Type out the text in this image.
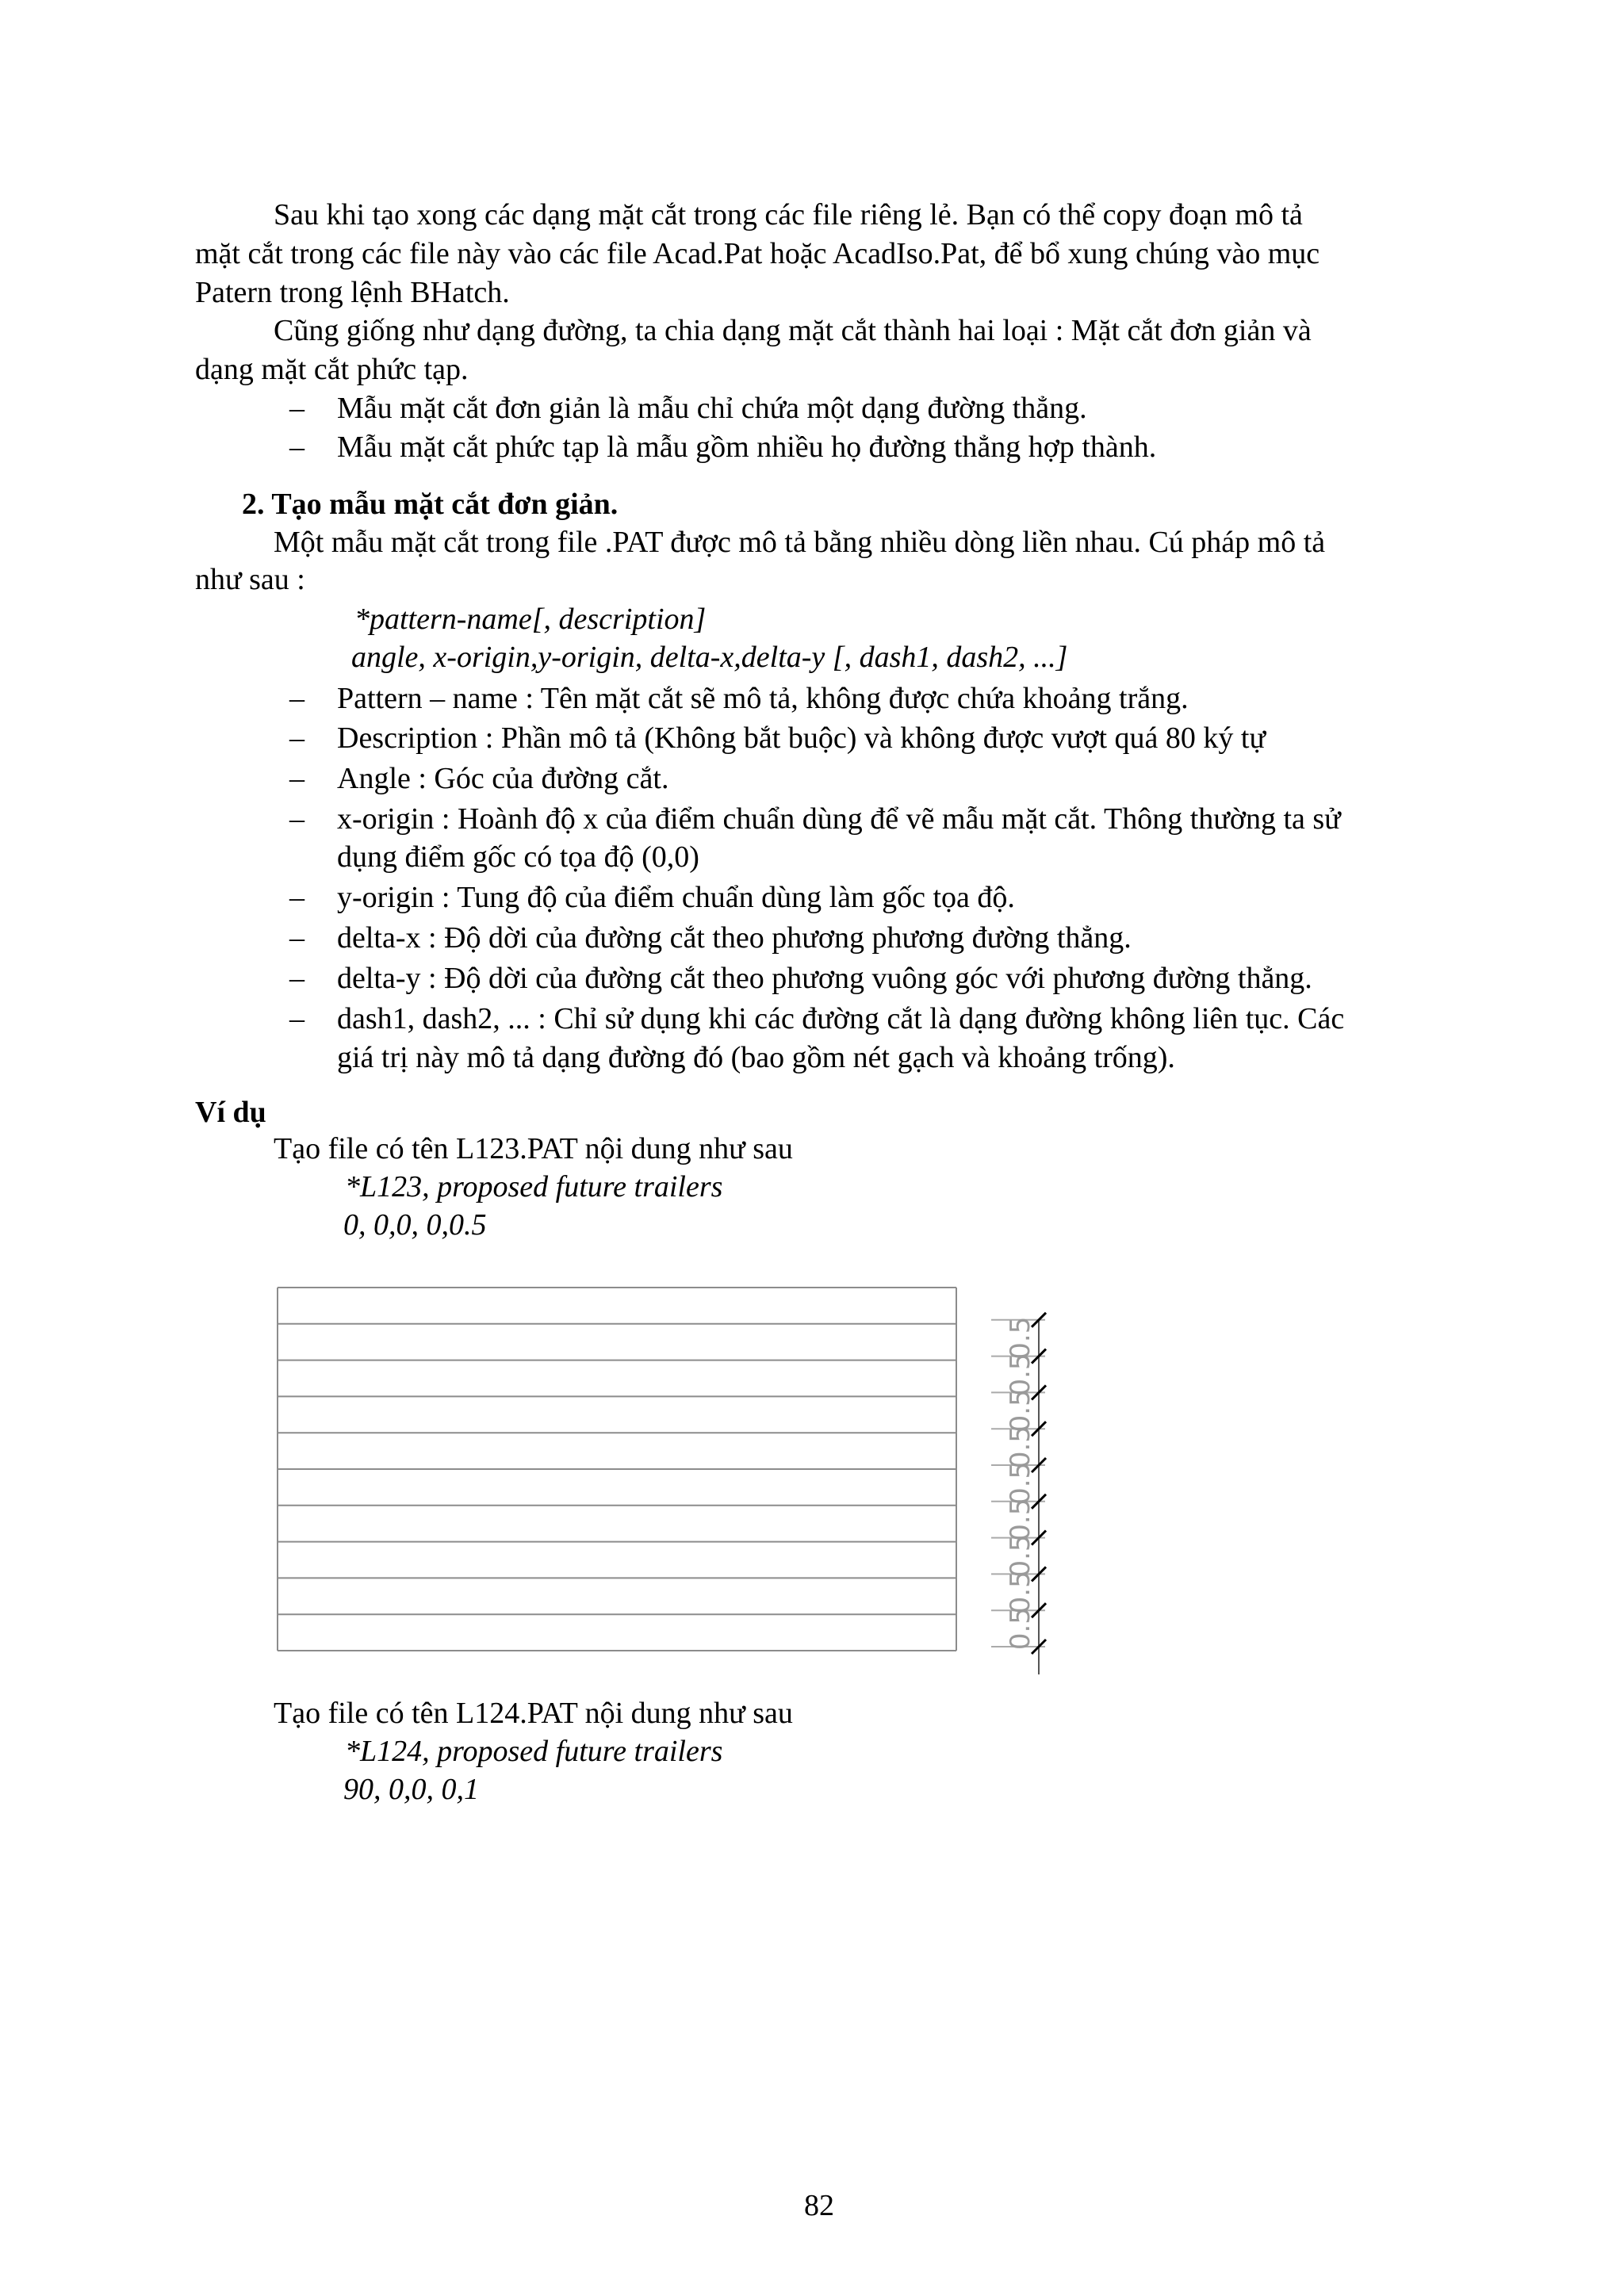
Sau khi tạo xong các dạng mặt cắt trong các file riêng lẻ. Bạn có thể copy đoạn mô tả
mặt cắt trong các file này vào các file Acad.Pat hoặc AcadIso.Pat, để bổ xung chúng vào mục
Patern trong lệnh BHatch.
Cũng giống như dạng đường, ta chia dạng mặt cắt thành hai loại : Mặt cắt đơn giản và
dạng mặt cắt phức tạp.
– Mẫu mặt cắt đơn giản là mẫu chỉ chứa một dạng đường thẳng.
– Mẫu mặt cắt phức tạp là mẫu gồm nhiều họ đường thẳng hợp thành.
2. Tạo mẫu mặt cắt đơn giản.
Một mẫu mặt cắt trong file .PAT được mô tả bằng nhiều dòng liền nhau. Cú pháp mô tả
như sau :
*pattern-name[, description]
angle, x-origin,y-origin, delta-x,delta-y [, dash1, dash2, ...]
– Pattern – name : Tên mặt cắt sẽ mô tả, không được chứa khoảng trắng.
– Description : Phần mô tả (Không bắt buộc) và không được vượt quá 80 ký tự
– Angle : Góc của đường cắt.
– x-origin : Hoành độ x của điểm chuẩn dùng để vẽ mẫu mặt cắt. Thông thường ta sử
dụng điểm gốc có tọa độ (0,0)
– y-origin : Tung độ của điểm chuẩn dùng làm gốc tọa độ.
– delta-x : Độ dời của đường cắt theo phương phương đường thẳng.
– delta-y : Độ dời của đường cắt theo phương vuông góc với phương đường thẳng.
– dash1, dash2, ... : Chỉ sử dụng khi các đường cắt là dạng đường không liên tục. Các
giá trị này mô tả dạng đường đó (bao gồm nét gạch và khoảng trống).
Ví dụ
Tạo file có tên L123.PAT nội dung như sau
*L123, proposed future trailers
0, 0,0, 0,0.5
0.5
0.5
0.5
0.5
0.5
0.5
0.5
0.5
0.5
Tạo file có tên L124.PAT nội dung như sau
*L124, proposed future trailers
90, 0,0, 0,1
82
